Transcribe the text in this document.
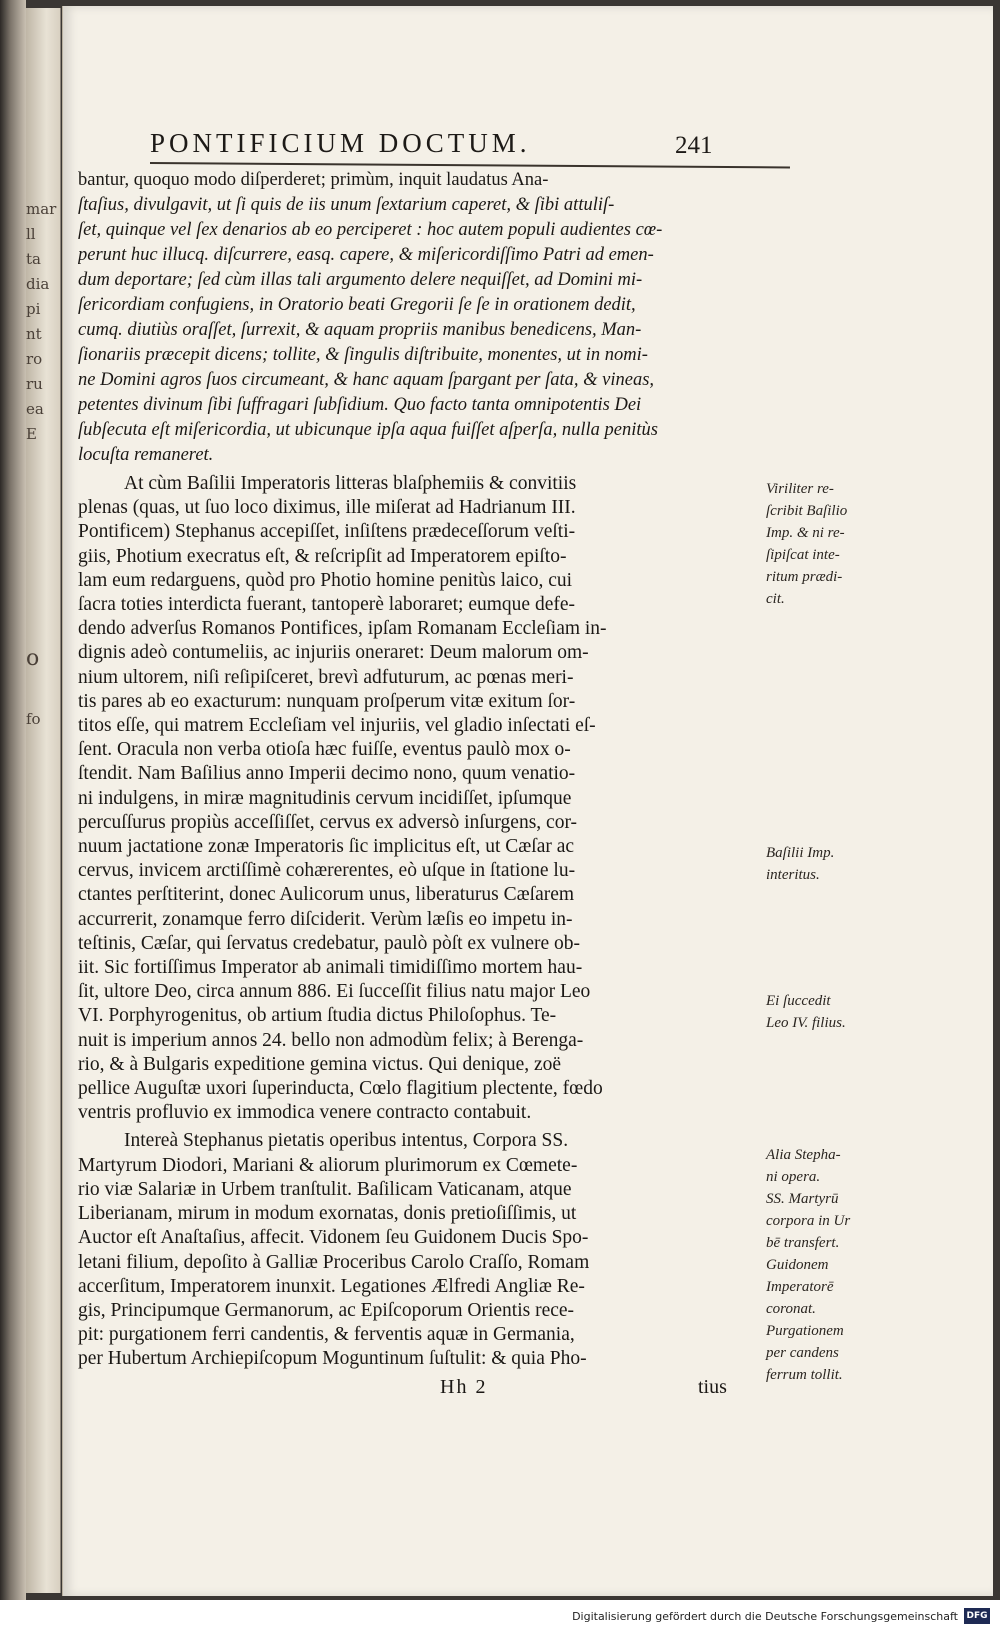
mar
ll
ta
dia
pi
nt
ro
ru
ea
E
o
fo
PONTIFICIUM DOCTUM.	241
bantur, quoquo modo diſperderet; primùm, inquit laudatus Ana-
ſtaſius, divulgavit, ut ſi quis de iis unum ſextarium caperet, & ſibi attuliſ-
ſet, quinque vel ſex denarios ab eo perciperet : hoc autem populi audientes cœ-
perunt huc illucq. diſcurrere, easq. capere, & miſericordiſſimo Patri ad emen-
dum deportare; ſed cùm illas tali argumento delere nequiſſet, ad Domini mi-
ſericordiam confugiens, in Oratorio beati Gregorii ſe ſe in orationem dedit,
cumq. diutiùs oraſſet, ſurrexit, & aquam propriis manibus benedicens, Man-
ſionariis præcepit dicens; tollite, & ſingulis diſtribuite, monentes, ut in nomi-
ne Domini agros ſuos circumeant, & hanc aquam ſpargant per ſata, & vineas,
petentes divinum ſibi ſuffragari ſubſidium. Quo facto tanta omnipotentis Dei
ſubſecuta eſt miſericordia, ut ubicunque ipſa aqua fuiſſet aſperſa, nulla penitùs
locuſta remaneret.
At cùm Baſilii Imperatoris litteras blaſphemiis & convitiis
plenas (quas, ut ſuo loco diximus, ille miſerat ad Hadrianum III.
Pontificem) Stephanus accepiſſet, inſiſtens prædeceſſorum veſti-
giis, Photium execratus eſt, & reſcripſit ad Imperatorem epiſto-
lam eum redarguens, quòd pro Photio homine penitùs laico, cui
ſacra toties interdicta fuerant, tantoperè laboraret; eumque defe-
dendo adverſus Romanos Pontifices, ipſam Romanam Eccleſiam in-
dignis adeò contumeliis, ac injuriis oneraret: Deum malorum om-
nium ultorem, niſi reſipiſceret, brevì adfuturum, ac pœnas meri-
tis pares ab eo exacturum: nunquam proſperum vitæ exitum ſor-
titos eſſe, qui matrem Eccleſiam vel injuriis, vel gladio inſectati eſ-
ſent. Oracula non verba otioſa hæc fuiſſe, eventus paulò mox o-
ſtendit. Nam Baſilius anno Imperii decimo nono, quum venatio-
ni indulgens, in miræ magnitudinis cervum incidiſſet, ipſumque
percuſſurus propiùs acceſſiſſet, cervus ex adversò inſurgens, cor-
nuum jactatione zonæ Imperatoris ſic implicitus eſt, ut Cæſar ac
cervus, invicem arctiſſimè cohærerentes, eò uſque in ſtatione lu-
ctantes perſtiterint, donec Aulicorum unus, liberaturus Cæſarem
accurrerit, zonamque ferro diſciderit. Verùm læſis eo impetu in-
teſtinis, Cæſar, qui ſervatus credebatur, paulò pòſt ex vulnere ob-
iit. Sic fortiſſimus Imperator ab animali timidiſſimo mortem hau-
ſit, ultore Deo, circa annum 886. Ei ſucceſſit filius natu major Leo
VI. Porphyrogenitus, ob artium ſtudia dictus Philoſophus. Te-
nuit is imperium annos 24. bello non admodùm felix; à Berenga-
rio, & à Bulgaris expeditione gemina victus. Qui denique, zoë
pellice Auguſtæ uxori ſuperinducta, Cœlo flagitium plectente, fœdo
ventris profluvio ex immodica venere contracto contabuit.
Intereà Stephanus pietatis operibus intentus, Corpora SS.
Martyrum Diodori, Mariani & aliorum plurimorum ex Cœmete-
rio viæ Salariæ in Urbem tranſtulit. Baſilicam Vaticanam, atque
Liberianam, mirum in modum exornatas, donis pretioſiſſimis, ut
Auctor eſt Anaſtaſius, affecit. Vidonem ſeu Guidonem Ducis Spo-
letani filium, depoſito à Galliæ Proceribus Carolo Craſſo, Romam
accerſitum, Imperatorem inunxit. Legationes Ælfredi Angliæ Re-
gis, Principumque Germanorum, ac Epiſcoporum Orientis rece-
pit: purgationem ferri candentis, & ferventis aquæ in Germania,
per Hubertum Archiepiſcopum Moguntinum ſuſtulit: & quia Pho-
Hh 2	tius
Viriliter re-
ſcribit Baſilio
Imp. & ni re-
ſipiſcat inte-
ritum prædi-
cit.
Baſilii Imp.
interitus.
Ei ſuccedit
Leo IV. filius.
Alia Stepha-
ni opera.
SS. Martyrū
corpora in Ur
bē transfert.
Guidonem
Imperatorē
coronat.
Purgationem
per candens
ferrum tollit.
Digitalisierung gefördert durch die Deutsche Forschungsgemeinschaft DFG
